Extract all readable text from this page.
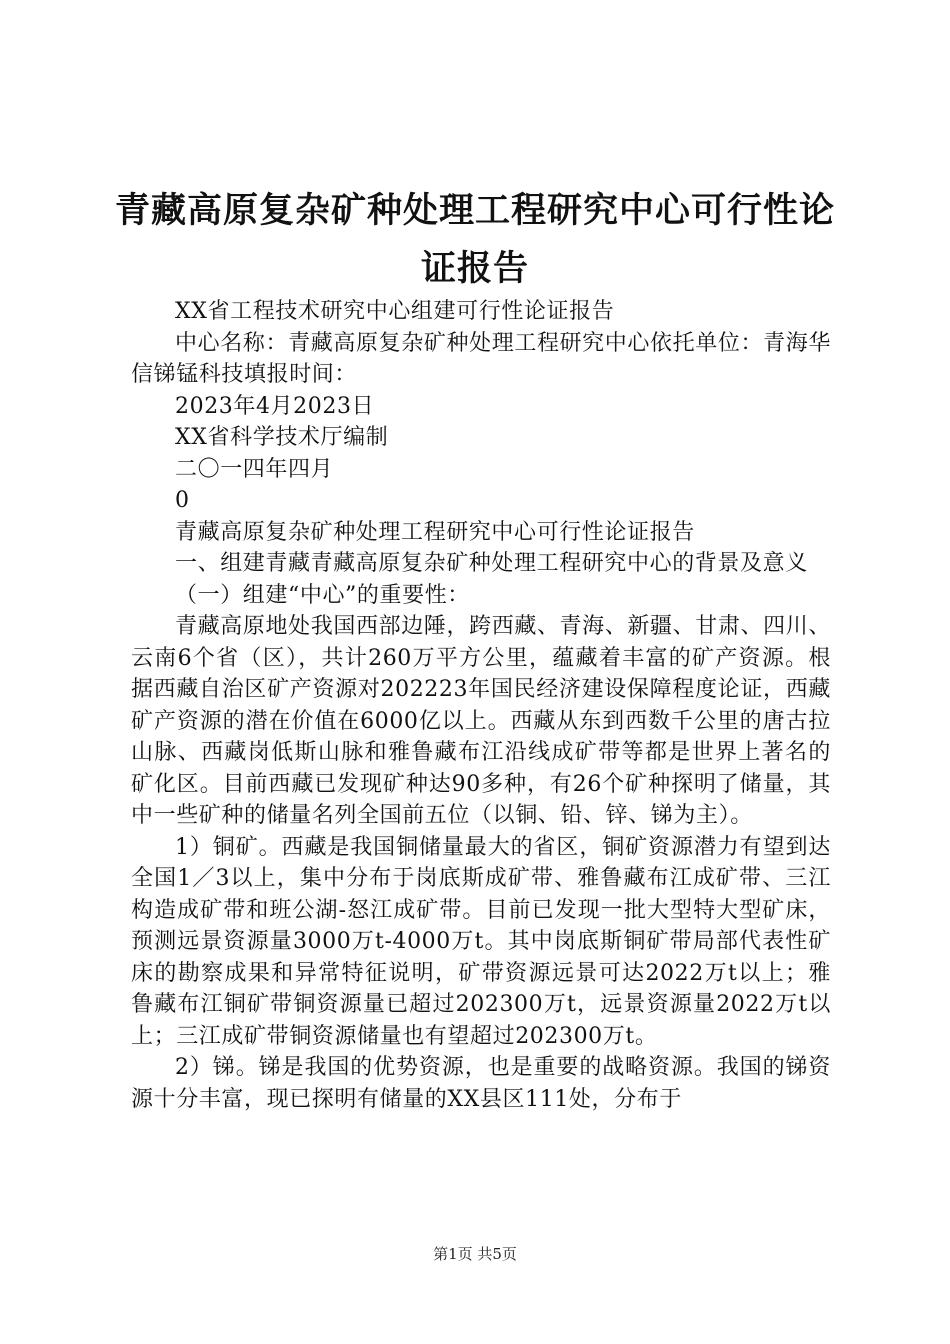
青藏高原复杂矿种处理工程研究中心可行性论证报告

XX省工程技术研究中心组建可行性论证报告

中心名称：青藏高原复杂矿种处理工程研究中心依托单位：青海华信锑锰科技填报时间：

2023年4月2023日

XX省科学技术厅编制

二〇一四年四月

0

青藏高原复杂矿种处理工程研究中心可行性论证报告

一、组建青藏青藏高原复杂矿种处理工程研究中心的背景及意义

（一）组建“中心”的重要性：

青藏高原地处我国西部边陲，跨西藏、青海、新疆、甘肃、四川、云南6个省（区），共计260万平方公里，蕴藏着丰富的矿产资源。根据西藏自治区矿产资源对202223年国民经济建设保障程度论证，西藏矿产资源的潜在价值在6000亿以上。西藏从东到西数千公里的唐古拉山脉、西藏岗低斯山脉和雅鲁藏布江沿线成矿带等都是世界上著名的矿化区。目前西藏已发现矿种达90多种，有26个矿种探明了储量，其中一些矿种的储量名列全国前五位（以铜、铅、锌、锑为主）。

1）铜矿。西藏是我国铜储量最大的省区，铜矿资源潜力有望到达全国1／3以上，集中分布于岗底斯成矿带、雅鲁藏布江成矿带、三江构造成矿带和班公湖-怒江成矿带。目前已发现一批大型特大型矿床，预测远景资源量3000万t-4000万t。其中岗底斯铜矿带局部代表性矿床的勘察成果和异常特征说明，矿带资源远景可达2022万t以上；雅鲁藏布江铜矿带铜资源量已超过202300万t，远景资源量2022万t以上；三江成矿带铜资源储量也有望超过202300万t。

2）锑。锑是我国的优势资源，也是重要的战略资源。我国的锑资源十分丰富，现已探明有储量的XX县区111处，分布于

第1页 共5页
